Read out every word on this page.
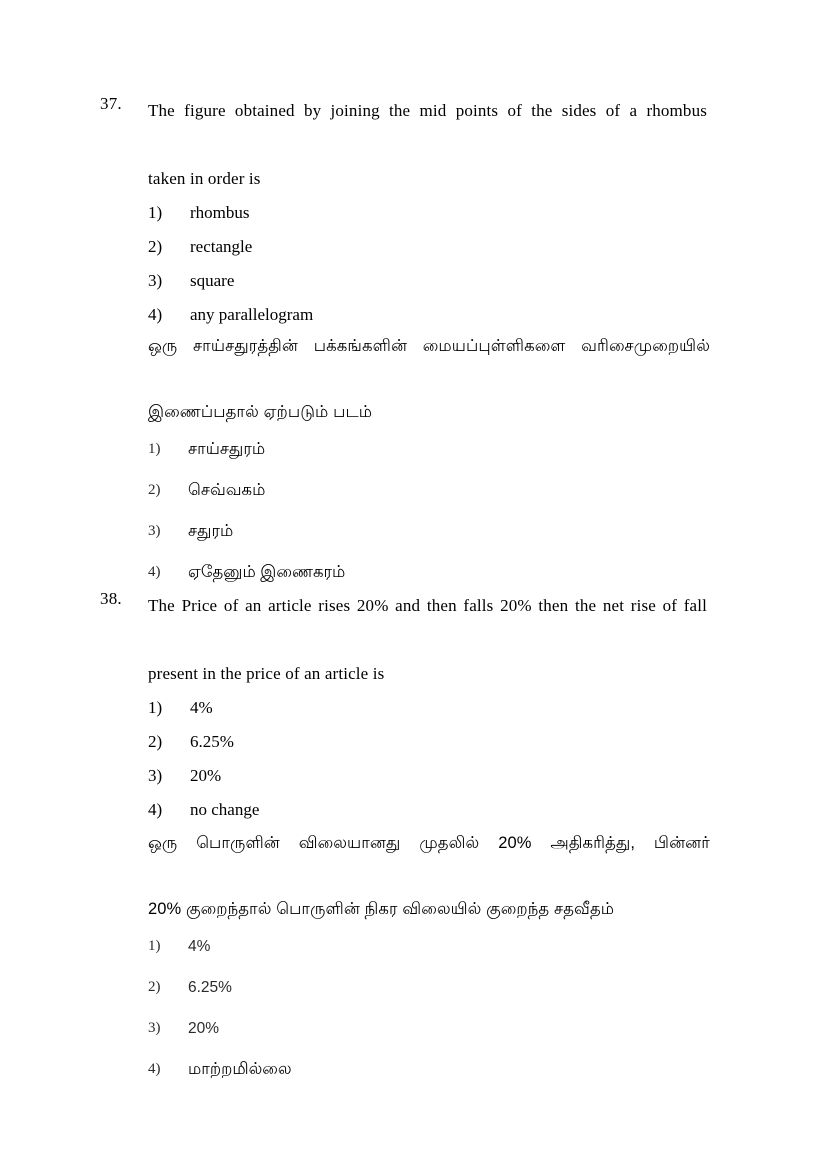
37. The figure obtained by joining the mid points of the sides of a rhombus
taken in order is
1) rhombus
2) rectangle
3) square
4) any parallelogram
ஒரு சாய்சதுரத்தின் பக்கங்களின் மையப்புள்ளிகளை வரிசைமுறையில்
இணைப்பதால் ஏற்படும் படம்
1) சாய்சதுரம்
2) செவ்வகம்
3) சதுரம்
4) ஏதேனும் இணைகரம்
38. The Price of an article rises 20% and then falls 20% then the net rise of fall
present in the price of an article is
1) 4%
2) 6.25%
3) 20%
4) no change
ஒரு பொருளின் விலையானது முதலில் 20% அதிகரித்து, பின்னர்
20% குறைந்தால் பொருளின் நிகர விலையில் குறைந்த சதவீதம்
1) 4%
2) 6.25%
3) 20%
4) மாற்றமில்லை
